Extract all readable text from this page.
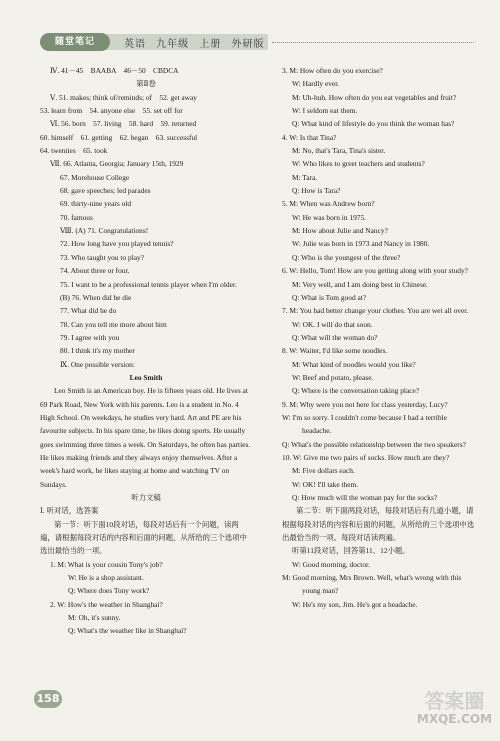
随堂笔记	英语 九年级 上册 外研版
Ⅳ. 41－45　BAABA　46－50　CBDCA
第Ⅱ卷
Ⅴ. 51. makes; think of/reminds; of　52. get away
53. learn from　54. anyone else　55. set off for
Ⅵ. 56. born　57. living　58. hard　59. returned
60. himself　61. getting　62. began　63. successful
64. twenties　65. took
Ⅶ. 66. Atlanta, Georgia; January 15th, 1929
67. Morehouse College
68. gave speeches; led parades
69. thirty-nine years old
70. famous
Ⅷ. (A) 71. Congratulations!
72. How long have you played tennis?
73. Who taught you to play?
74. About three or four.
75. I want to be a professional tennis player when I'm older.
(B) 76. When did he die
77. What did he do
78. Can you tell me more about him
79. I agree with you
80. I think it's my mother
Ⅸ. One possible version:
Leo Smith
Leo Smith is an American boy. He is fifteen years old. He lives at 69 Park Road, New York with his parents. Leo is a student in No. 4 High School. On weekdays, he studies very hard. Art and PE are his favourite subjects. In his spare time, he likes doing sports. He usually goes swimming three times a week. On Saturdays, he often has parties. He likes making friends and they always enjoy themselves. After a week's hard work, he likes staying at home and watching TV on Sundays.
听力文稿
Ⅰ. 听对话，选答案
第一节：听下面10段对话，每段对话后有一个问题，读两遍，请根据每段对话的内容和后面的问题，从所给的三个选项中选出最恰当的一项。
1. M: What is your cousin Tony's job?
W: He is a shop assistant.
Q: Where does Tony work?
2. W: How's the weather in Shanghai?
M: Oh, it's sunny.
Q: What's the weather like in Shanghai?
3. M: How often do you exercise?
W: Hardly ever.
M: Uh-huh. How often do you eat vegetables and fruit?
W: I seldom eat them.
Q: What kind of lifestyle do you think the woman has?
4. W: Is that Tina?
M: No, that's Tara, Tina's sister.
W: Who likes to greet teachers and students?
M: Tara.
Q: How is Tara?
5. M: When was Andrew born?
W: He was born in 1975.
M: How about Julie and Nancy?
W: Julie was born in 1973 and Nancy in 1980.
Q: Who is the youngest of the three?
6. W: Hello, Tom! How are you getting along with your study?
M: Very well, and I am doing best in Chinese.
Q: What is Tom good at?
7. M: You had better change your clothes. You are wet all over.
W: OK. I will do that soon.
Q: What will the woman do?
8. W: Waiter, I'd like some noodles.
M: What kind of noodles would you like?
W: Beef and potato, please.
Q: Where is the conversation taking place?
9. M: Why were you not here for class yesterday, Lucy?
W: I'm so sorry. I couldn't come because I had a terrible headache.
Q: What's the possible relationship between the two speakers?
10. W: Give me two pairs of socks. How much are they?
M: Five dollars each.
W: OK! I'll take them.
Q: How much will the woman pay for the socks?
第二节：听下面两段对话，每段对话后有几道小题，请根据每段对话的内容和后面的问题，从所给的三个选项中选出最恰当的一项。每段对话读两遍。
听第11段对话，回答第11、12小题。
W: Good morning, doctor.
M: Good morning, Mrs Brown. Well, what's wrong with this young man?
W: He's my son, Jim. He's got a headache.
158	答案圈
MXQE.COM
